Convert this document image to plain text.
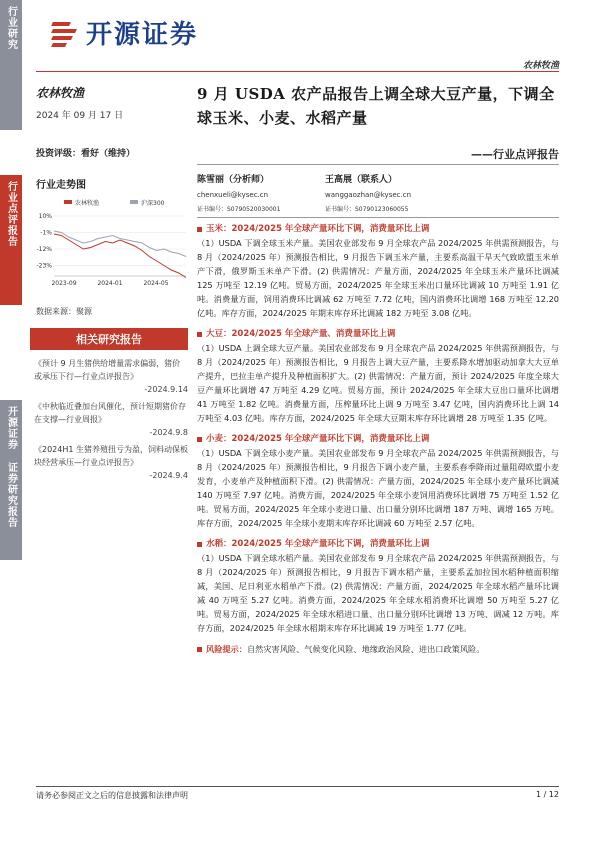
行业研究
行业点评报告
开源证券 证券研究报告
开源证券
农林牧渔
农林牧渔
2024 年 09 月 17 日
投资评级：看好（维持）
行业走势图
农林牧渔	沪深300
10%
-1%
-12%
-23%
2023-09	2024-01	2024-05
数据来源：聚源
相关研究报告
《预计 9 月生猪供给增量需求偏弱，猪价或承压下行—行业点评报告》
-2024.9.14
《中秋临近叠加台风催化，预计短期猪价存在支撑—行业周报》
-2024.9.8
《2024H1 生猪养殖扭亏为盈，饲料动保板块经营承压—行业点评报告》
-2024.9.4
9 月 USDA 农产品报告上调全球大豆产量，下调全球玉米、小麦、水稻产量
——行业点评报告
陈雪丽（分析师）
chenxueli@kysec.cn
证书编号：S0790520030001
王高展（联系人）
wanggaozhan@kysec.cn
证书编号：S0790123060055
玉米：2024/2025 年全球产量环比下调，消费量环比上调

（1）USDA 下调全球玉米产量。美国农业部发布 9 月全球农产品 2024/2025 年供需预测报告，与 8 月（2024/2025 年）预测报告相比，9 月报告下调玉米产量，主要系高温干旱天气致欧盟玉米单产下滑，俄罗斯玉米单产下滑。(2) 供需情况：产量方面，2024/2025 年全球玉米产量环比调减 125 万吨至 12.19 亿吨。贸易方面，2024/2025 年全球玉米出口量环比调减 10 万吨至 1.91 亿吨。消费量方面，饲用消费环比调减 62 万吨至 7.72 亿吨，国内消费环比调增 168 万吨至 12.20 亿吨。库存方面，2024/2025 年期末库存环比调减 182 万吨至 3.08 亿吨。

大豆：2024/2025 年全球产量、消费量环比上调

（1）USDA 上调全球大豆产量。美国农业部发布 9 月全球农产品 2024/2025 年供需预测报告，与 8 月（2024/2025 年）预测报告相比，9 月报告上调大豆产量，主要系降水增加驱动加拿大大豆单产提升，巴拉圭单产提升及种植面积扩大。(2) 供需情况：产量方面，预计 2024/2025 年度全球大豆产量环比调增 47 万吨至 4.29 亿吨。贸易方面，预计 2024/2025 年全球大豆出口量环比调增 41 万吨至 1.82 亿吨。消费量方面，压榨量环比上调 9 万吨至 3.47 亿吨，国内消费环比上调 14 万吨至 4.03 亿吨。库存方面，2024/2025 年全球大豆期末库存环比调增 28 万吨至 1.35 亿吨。

小麦：2024/2025 年全球产量环比下调，消费量环比上调

（1）USDA 下调全球小麦产量。美国农业部发布 9 月全球农产品 2024/2025 年供需预测报告，与 8 月（2024/2025 年）预测报告相比，9 月报告下调小麦产量，主要系春季降雨过量阻碍欧盟小麦发育，小麦单产及种植面积下滑。(2) 供需情况：产量方面，2024/2025 年全球小麦产量环比调减 140 万吨至 7.97 亿吨。消费方面，2024/2025 年全球小麦饲用消费环比调增 75 万吨至 1.52 亿吨。贸易方面，2024/2025 年全球小麦进口量、出口量分别环比调增 187 万吨、调增 165 万吨。库存方面，2024/2025 年全球小麦期末库存环比调减 60 万吨至 2.57 亿吨。

水稻：2024/2025 年全球产量环比下调，消费量环比上调

（1）USDA 下调全球水稻产量。美国农业部发布 9 月全球农产品 2024/2025 年供需预测报告，与 8 月（2024/2025 年）预测报告相比，9 月报告下调水稻产量，主要系孟加拉国水稻种植面积缩减，美国、尼日利亚水稻单产下滑。(2) 供需情况：产量方面，2024/2025 年全球水稻产量环比调减 40 万吨至 5.27 亿吨。消费方面，2024/2025 年全球水稻消费环比调增 50 万吨至 5.27 亿吨。贸易方面，2024/2025 年全球水稻进口量、出口量分别环比调增 13 万吨、调减 12 万吨。库存方面，2024/2025 年全球水稻期末库存环比调减 19 万吨至 1.77 亿吨。

风险提示：自然灾害风险、气候变化风险、地缘政治风险、进出口政策风险。
请务必参阅正文之后的信息披露和法律声明	1 / 12
